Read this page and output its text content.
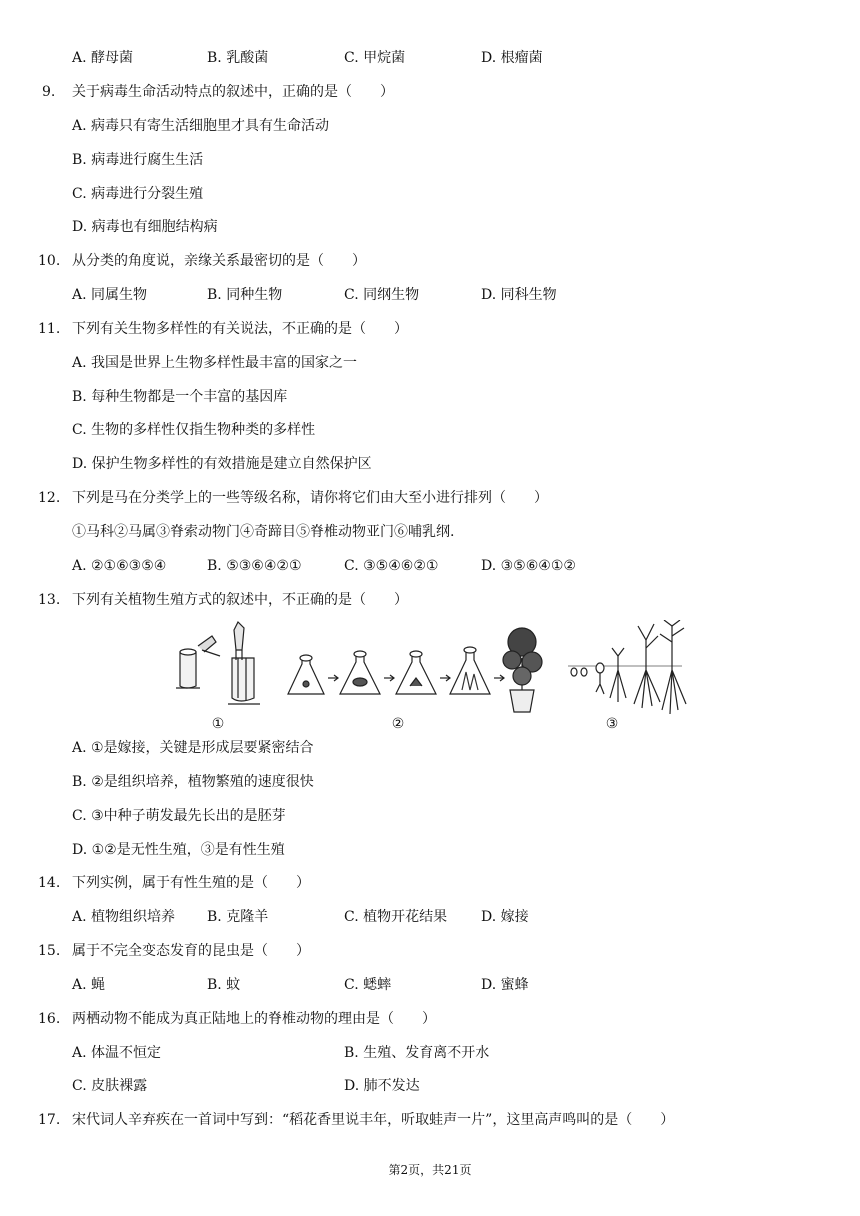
A. 酵母菌	B. 乳酸菌	C. 甲烷菌	D. 根瘤菌
9. 关于病毒生命活动特点的叙述中，正确的是（　　）
A. 病毒只有寄生活细胞里才具有生命活动
B. 病毒进行腐生生活
C. 病毒进行分裂生殖
D. 病毒也有细胞结构病
10. 从分类的角度说，亲缘关系最密切的是（　　）
A. 同属生物	B. 同种生物	C. 同纲生物	D. 同科生物
11. 下列有关生物多样性的有关说法，不正确的是（　　）
A. 我国是世界上生物多样性最丰富的国家之一
B. 每种生物都是一个丰富的基因库
C. 生物的多样性仅指生物种类的多样性
D. 保护生物多样性的有效措施是建立自然保护区
12. 下列是马在分类学上的一些等级名称，请你将它们由大至小进行排列（　　）
①马科②马属③脊索动物门④奇蹄目⑤脊椎动物亚门⑥哺乳纲.
A. ②①⑥③⑤④	B. ⑤③⑥④②①	C. ③⑤④⑥②①	D. ③⑤⑥④①②
13. 下列有关植物生殖方式的叙述中，不正确的是（　　）
①	②	③
A. ①是嫁接，关键是形成层要紧密结合
B. ②是组织培养，植物繁殖的速度很快
C. ③中种子萌发最先长出的是胚芽
D. ①②是无性生殖，③是有性生殖
14. 下列实例，属于有性生殖的是（　　）
A. 植物组织培养 B. 克隆羊	C. 植物开花结果 D. 嫁接
15. 属于不完全变态发育的昆虫是（　　）
A. 蝇	B. 蚊	C. 蟋蟀	D. 蜜蜂
16. 两栖动物不能成为真正陆地上的脊椎动物的理由是（　　）
A. 体温不恒定	B. 生殖、发育离不开水
C. 皮肤裸露	D. 肺不发达
17. 宋代词人辛弃疾在一首词中写到：“稻花香里说丰年，听取蛙声一片”，这里高声鸣叫的是（　　）
第2页，共21页
